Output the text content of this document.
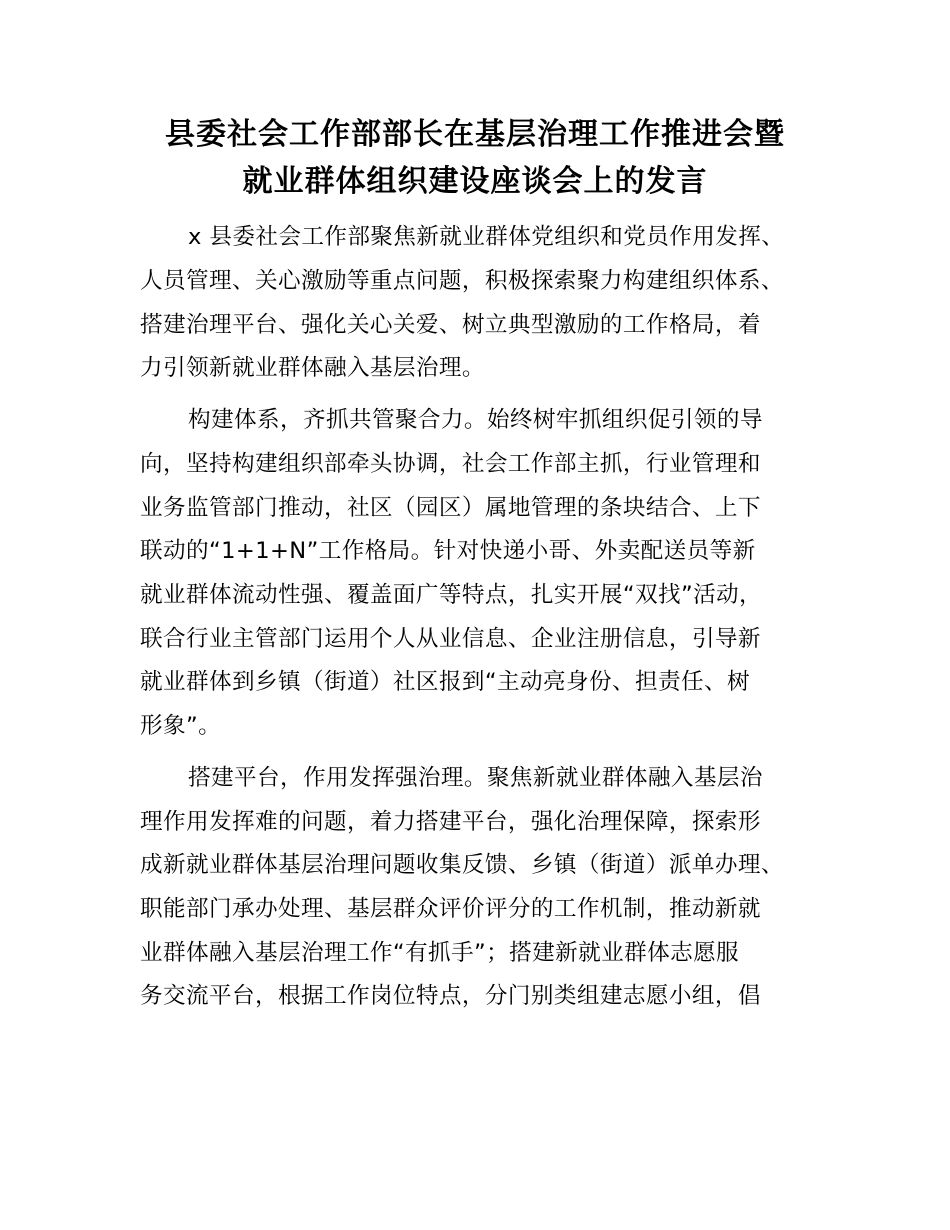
县委社会工作部部长在基层治理工作推进会暨
就业群体组织建设座谈会上的发言
x 县委社会工作部聚焦新就业群体党组织和党员作用发挥、
人员管理、关心激励等重点问题，积极探索聚力构建组织体系、
搭建治理平台、强化关心关爱、树立典型激励的工作格局，着
力引领新就业群体融入基层治理。
构建体系，齐抓共管聚合力。始终树牢抓组织促引领的导
向，坚持构建组织部牵头协调，社会工作部主抓，行业管理和
业务监管部门推动，社区（园区）属地管理的条块结合、上下
联动的“1+1+N”工作格局。针对快递小哥、外卖配送员等新
就业群体流动性强、覆盖面广等特点，扎实开展“双找”活动，
联合行业主管部门运用个人从业信息、企业注册信息，引导新
就业群体到乡镇（街道）社区报到“主动亮身份、担责任、树
形象”。
搭建平台，作用发挥强治理。聚焦新就业群体融入基层治
理作用发挥难的问题，着力搭建平台，强化治理保障，探索形
成新就业群体基层治理问题收集反馈、乡镇（街道）派单办理、
职能部门承办处理、基层群众评价评分的工作机制，推动新就
业群体融入基层治理工作“有抓手”；搭建新就业群体志愿服
务交流平台，根据工作岗位特点，分门别类组建志愿小组，倡
